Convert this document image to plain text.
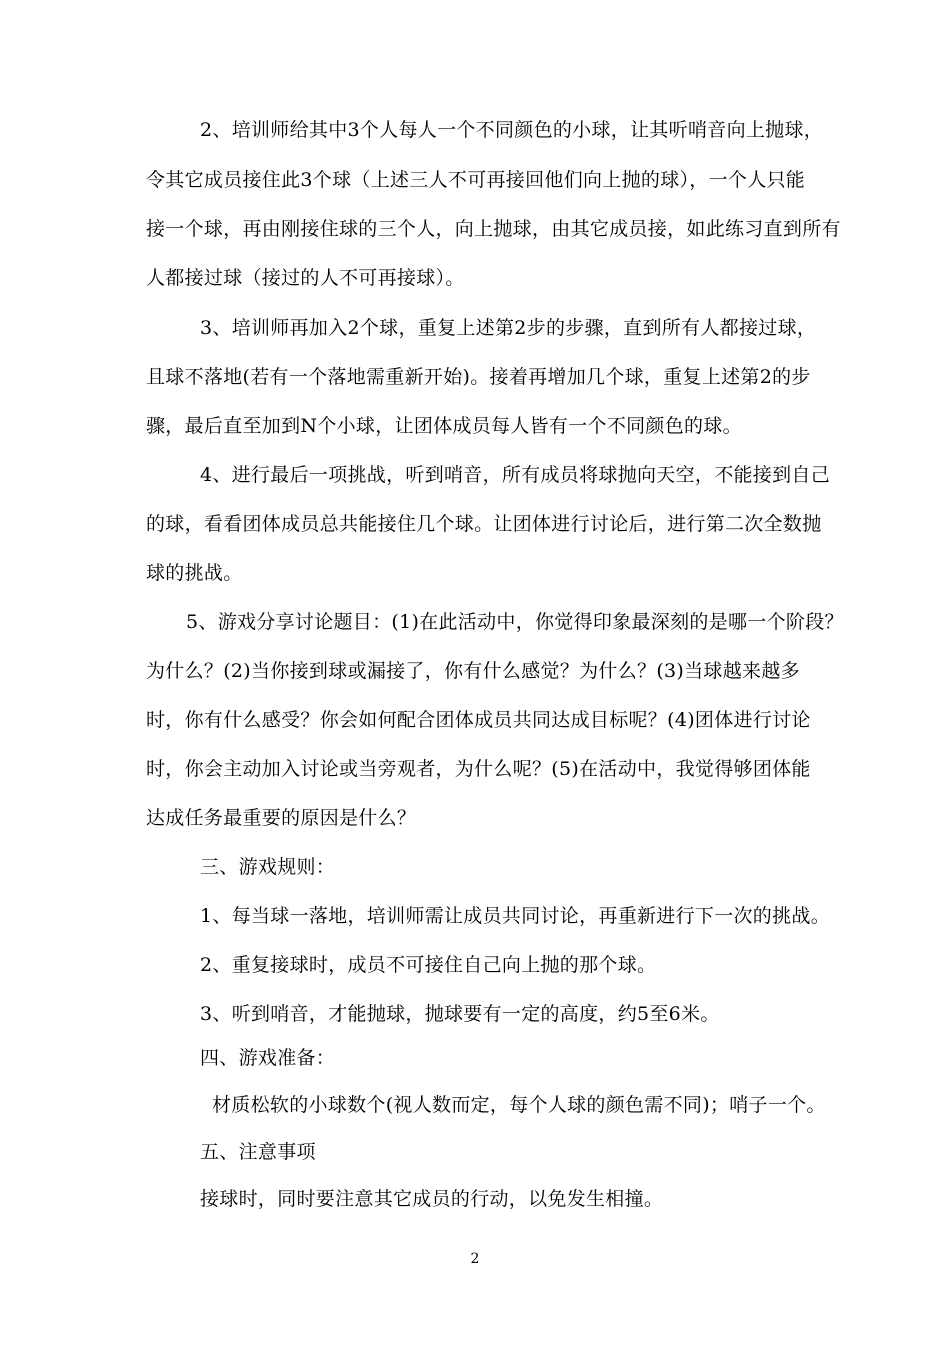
2、培训师给其中3个人每人一个不同颜色的小球，让其听哨音向上抛球，
令其它成员接住此3个球（上述三人不可再接回他们向上抛的球），一个人只能
接一个球，再由刚接住球的三个人，向上抛球，由其它成员接，如此练习直到所有
人都接过球（接过的人不可再接球）。
3、培训师再加入2个球，重复上述第2步的步骤，直到所有人都接过球，
且球不落地(若有一个落地需重新开始)。接着再增加几个球，重复上述第2的步
骤，最后直至加到N个小球，让团体成员每人皆有一个不同颜色的球。
4、进行最后一项挑战，听到哨音，所有成员将球抛向天空，不能接到自己
的球，看看团体成员总共能接住几个球。让团体进行讨论后，进行第二次全数抛
球的挑战。
5、游戏分享讨论题目：(1)在此活动中，你觉得印象最深刻的是哪一个阶段？
为什么？(2)当你接到球或漏接了，你有什么感觉？为什么？(3)当球越来越多
时，你有什么感受？你会如何配合团体成员共同达成目标呢？(4)团体进行讨论
时，你会主动加入讨论或当旁观者，为什么呢？(5)在活动中，我觉得够团体能
达成任务最重要的原因是什么？
三、游戏规则：
1、每当球一落地，培训师需让成员共同讨论，再重新进行下一次的挑战。
2、重复接球时，成员不可接住自己向上抛的那个球。
3、听到哨音，才能抛球，抛球要有一定的高度，约5至6米。
四、游戏准备：
材质松软的小球数个(视人数而定，每个人球的颜色需不同)；哨子一个。
五、注意事项
接球时，同时要注意其它成员的行动，以免发生相撞。
2
